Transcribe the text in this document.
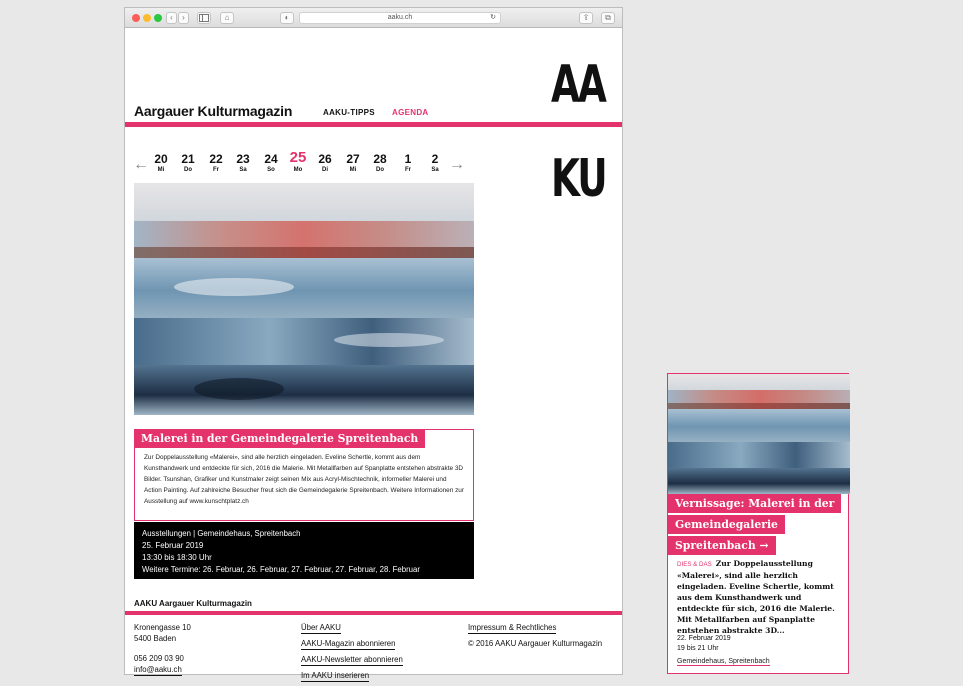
‹	›	⌂	◐	aaku.ch	↻	⇪	⧉
Aargauer Kulturmagazin	AAKU-TIPPS AGENDA AA
KU
← 20
Mi
21
Do
22
Fr
23
Sa
24
So
25
Mo
26
Di
27
Mi
28
Do
1
Fr
2
Sa →
Zur Doppelausstellung «Malerei», sind alle herzlich eingeladen. Eveline Schertle, kommt aus dem Kunsthandwerk und entdeckte für sich, 2016 die Malerie. Mit Metallfarben auf Spanplatte entstehen abstrakte 3D Bilder. Tsunshan, Grafiker und Kunstmaler zeigt seinen Mix aus Acryl-Mischtechnik, informeller Malerei und Action Painting. Auf zahlreiche Besucher freut sich die Gemeindegalerie Spreitenbach. Weitere Informationen zur Ausstellung auf www.kunschtplatz.ch
Malerei in der Gemeindegalerie Spreitenbach
Ausstellungen | Gemeindehaus, Spreitenbach
25. Februar 2019
13:30 bis 18:30 Uhr
Weitere Termine: 26. Februar, 26. Februar, 27. Februar, 27. Februar, 28. Februar
AAKU Aargauer Kulturmagazin
Kronengasse 10
5400 Baden
056 209 03 90
info@aaku.ch
Über AAKU
AAKU-Magazin abonnieren
AAKU-Newsletter abonnieren
Im AAKU inserieren
Impressum & Rechtliches
© 2016 AAKU Aargauer Kulturmagazin
Vernissage: Malerei in der
Gemeindegalerie
Spreitenbach →
DIES & DAS Zur Doppelausstellung «Malerei», sind alle herzlich eingeladen. Eveline Schertle, kommt aus dem Kunsthandwerk und entdeckte für sich, 2016 die Malerie. Mit Metallfarben auf Spanplatte entstehen abstrakte 3D...
22. Februar 2019
19 bis 21 Uhr
Gemeindehaus, Spreitenbach
